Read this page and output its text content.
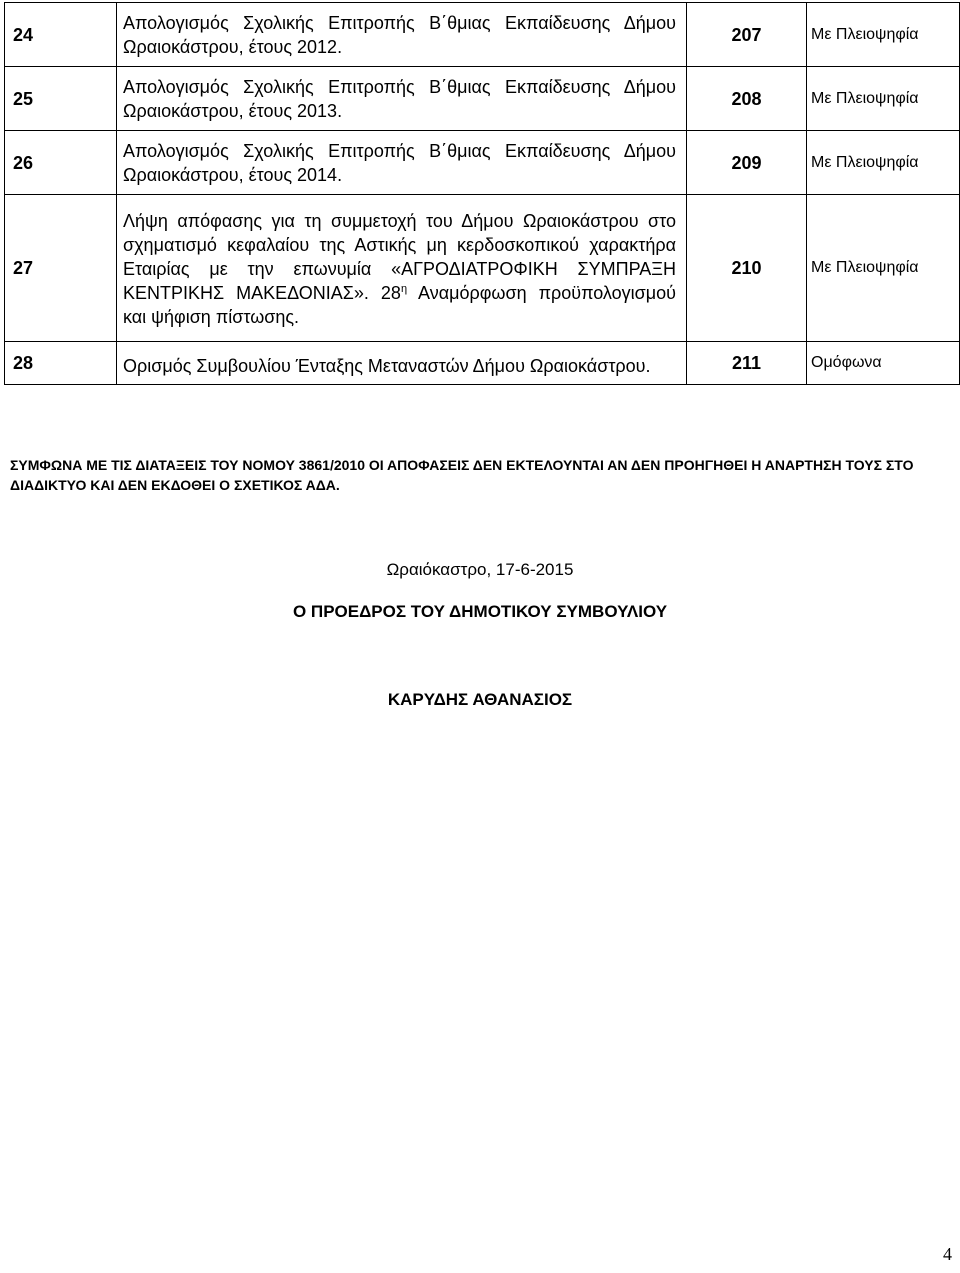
24	Απολογισμός Σχολικής Επιτροπής Β΄θμιας Εκπαίδευσης Δήμου Ωραιοκάστρου, έτους 2012.	207	Με Πλειοψηφία
25	Απολογισμός Σχολικής Επιτροπής Β΄θμιας Εκπαίδευσης Δήμου Ωραιοκάστρου, έτους 2013.	208	Με Πλειοψηφία
26	Απολογισμός Σχολικής Επιτροπής Β΄θμιας Εκπαίδευσης Δήμου Ωραιοκάστρου, έτους 2014.	209	Με Πλειοψηφία
27	Λήψη απόφασης για τη συμμετοχή του Δήμου Ωραιοκάστρου στο σχηματισμό κεφαλαίου της Αστικής μη κερδοσκοπικού χαρακτήρα Εταιρίας με την επωνυμία «ΑΓΡΟΔΙΑΤΡΟΦΙΚΗ ΣΥΜΠΡΑΞΗ ΚΕΝΤΡΙΚΗΣ ΜΑΚΕΔΟΝΙΑΣ». $28^\eta$ Αναμόρφωση προϋπολογισμού και ψήφιση πίστωσης.	210	Με Πλειοψηφία
28	Ορισμός Συμβουλίου Ένταξης Μεταναστών Δήμου Ωραιοκάστρου.	211	Ομόφωνα
ΣΥΜΦΩΝΑ ΜΕ ΤΙΣ ΔΙΑΤΑΞΕΙΣ ΤΟΥ ΝΟΜΟΥ 3861/2010 ΟΙ ΑΠΟΦΑΣΕΙΣ ΔΕΝ ΕΚΤΕΛΟΥΝΤΑΙ ΑΝ ΔΕΝ ΠΡΟΗΓΗΘΕΙ Η ΑΝΑΡΤΗΣΗ ΤΟΥΣ ΣΤΟ ΔΙΑΔΙΚΤΥΟ ΚΑΙ ΔΕΝ ΕΚΔΟΘΕΙ Ο ΣΧΕΤΙΚΟΣ ΑΔΑ.
Ωραιόκαστρο, 17-6-2015
Ο ΠΡΟΕΔΡΟΣ ΤΟΥ ΔΗΜΟΤΙΚΟΥ ΣΥΜΒΟΥΛΙΟΥ
ΚΑΡΥΔΗΣ ΑΘΑΝΑΣΙΟΣ
4
